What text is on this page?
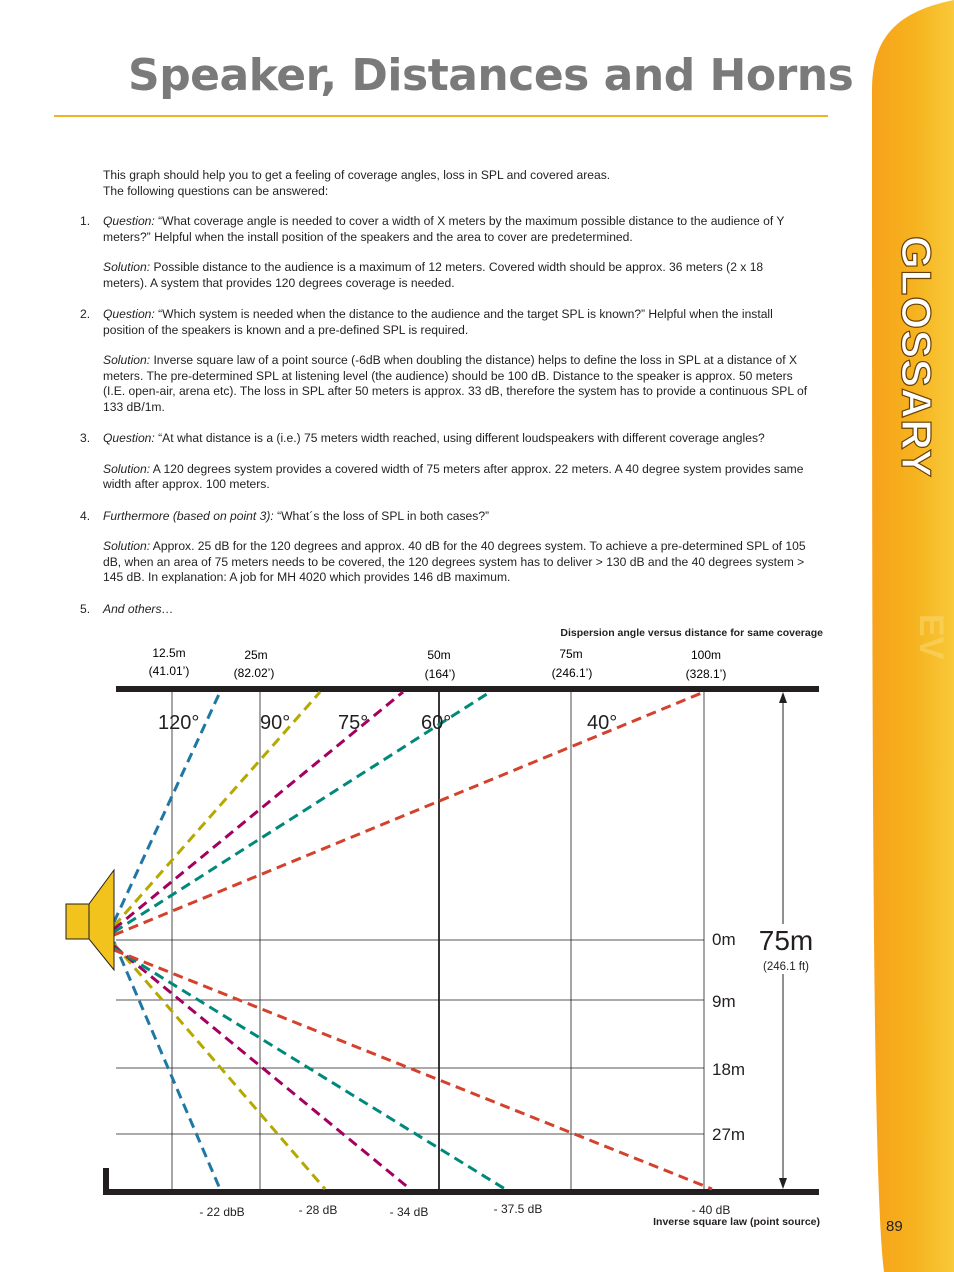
Speaker, Distances and Horns
GLOSSARY
EV

This graph should help you to get a feeling of coverage angles, loss in SPL and covered areas.

The following questions can be answered:

1.	Question: “What coverage angle is needed to cover a width of X meters by the maximum possible distance to the audience of Y meters?” Helpful when the install position of the speakers and the area to cover are predetermined.

Solution: Possible distance to the audience is a maximum of 12 meters. Covered width should be approx. 36 meters (2 x 18 meters). A system that provides 120 degrees coverage is needed.

2.	Question: “Which system is needed when the distance to the audience and the target SPL is known?” Helpful when the install position of the speakers is known and a pre-defined SPL is required.

Solution: Inverse square law of a point source (-6dB when doubling the distance) helps to define the loss in SPL at a distance of X meters. The pre-determined SPL at listening level (the audience) should be 100 dB. Distance to the speaker is approx. 50 meters (I.E. open-air, arena etc). The loss in SPL after 50 meters is approx. 33 dB, therefore the system has to provide a continuous SPL of 133 dB/1m.

3.	Question: “At what distance is a (i.e.) 75 meters width reached, using different loudspeakers with different coverage angles?

Solution: A 120 degrees system provides a covered width of 75 meters after approx. 22 meters. A 40 degree system provides same width after approx. 100 meters.

4.	Furthermore (based on point 3): “What´s the loss of SPL in both cases?”

Solution: Approx. 25 dB for the 120 degrees and approx. 40 dB for the 40 degrees system. To achieve a pre-determined SPL of 105 dB, when an area of 75 meters needs to be covered, the 120 degrees system has to deliver > 130 dB and the 40 degrees system > 145 dB. In explanation: A job for MH 4020 which provides 146 dB maximum.

5.	And others…

Dispersion angle versus distance for same coverage
12.5m
(41.01’)
25m
(82.02’)
50m
(164’)
75m
(246.1’)
100m
(328.1’)
120°	90° 75°	60°	40°
75m
(246.1 ft)
0m
9m
18m
27m
- 22 dbB	- 28 dB	- 34 dB	- 37.5 dB	- 40 dB
Inverse square law (point source)	89
